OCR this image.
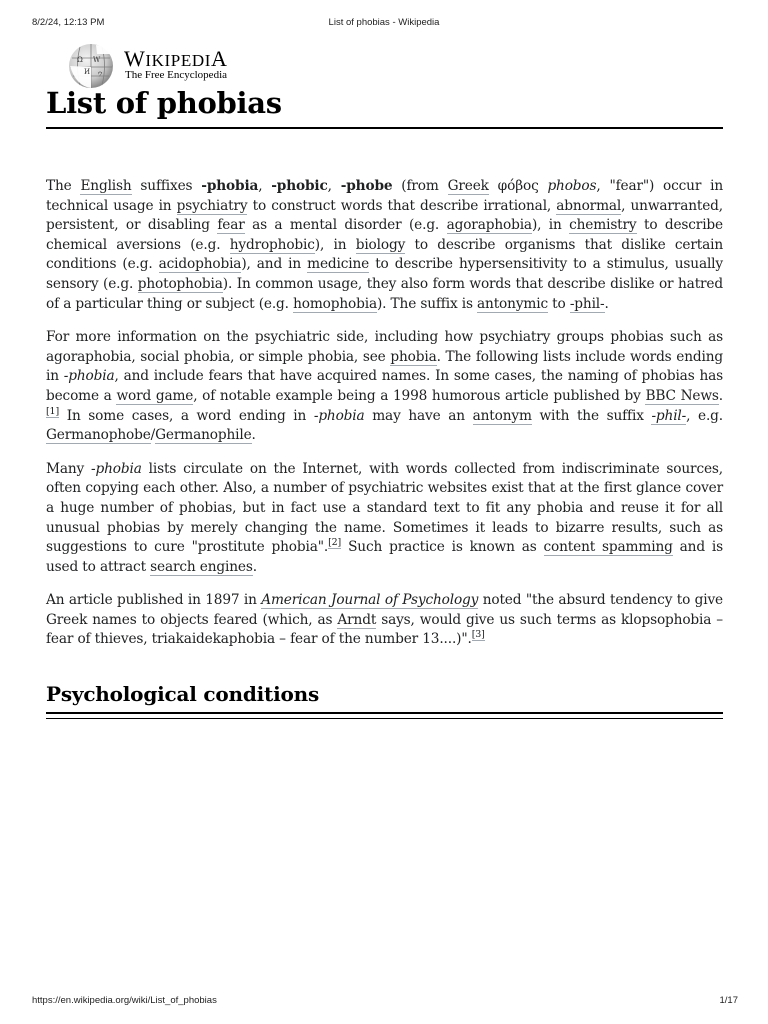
8/2/24, 12:13 PM	List of phobias - Wikipedia
Ω W
И ウ
WIKIPEDIA
The Free Encyclopedia
List of phobias

The English suffixes -phobia, -phobic, -phobe (from Greek φόβος phobos, "fear") occur in technical usage in psychiatry to construct words that describe irrational, abnormal, unwarranted, persistent, or disabling fear as a mental disorder (e.g. agoraphobia), in chemistry to describe chemical aversions (e.g. hydrophobic), in biology to describe organisms that dislike certain conditions (e.g. acidophobia), and in medicine to describe hypersensitivity to a stimulus, usually sensory (e.g. photophobia). In common usage, they also form words that describe dislike or hatred of a particular thing or subject (e.g. homophobia). The suffix is antonymic to -phil-.

For more information on the psychiatric side, including how psychiatry groups phobias such as agoraphobia, social phobia, or simple phobia, see phobia. The following lists include words ending in -phobia, and include fears that have acquired names. In some cases, the naming of phobias has become a word game, of notable example being a 1998 humorous article published by BBC News.[1] In some cases, a word ending in -phobia may have an antonym with the suffix -phil-, e.g. Germanophobe/Germanophile.

Many -phobia lists circulate on the Internet, with words collected from indiscriminate sources, often copying each other. Also, a number of psychiatric websites exist that at the first glance cover a huge number of phobias, but in fact use a standard text to fit any phobia and reuse it for all unusual phobias by merely changing the name. Sometimes it leads to bizarre results, such as suggestions to cure "prostitute phobia".[2] Such practice is known as content spamming and is used to attract search engines.

An article published in 1897 in American Journal of Psychology noted "the absurd tendency to give Greek names to objects feared (which, as Arndt says, would give us such terms as klopsophobia – fear of thieves, triakaidekaphobia – fear of the number 13....)".[3]

Psychological conditions
https://en.wikipedia.org/wiki/List_of_phobias	1/17
